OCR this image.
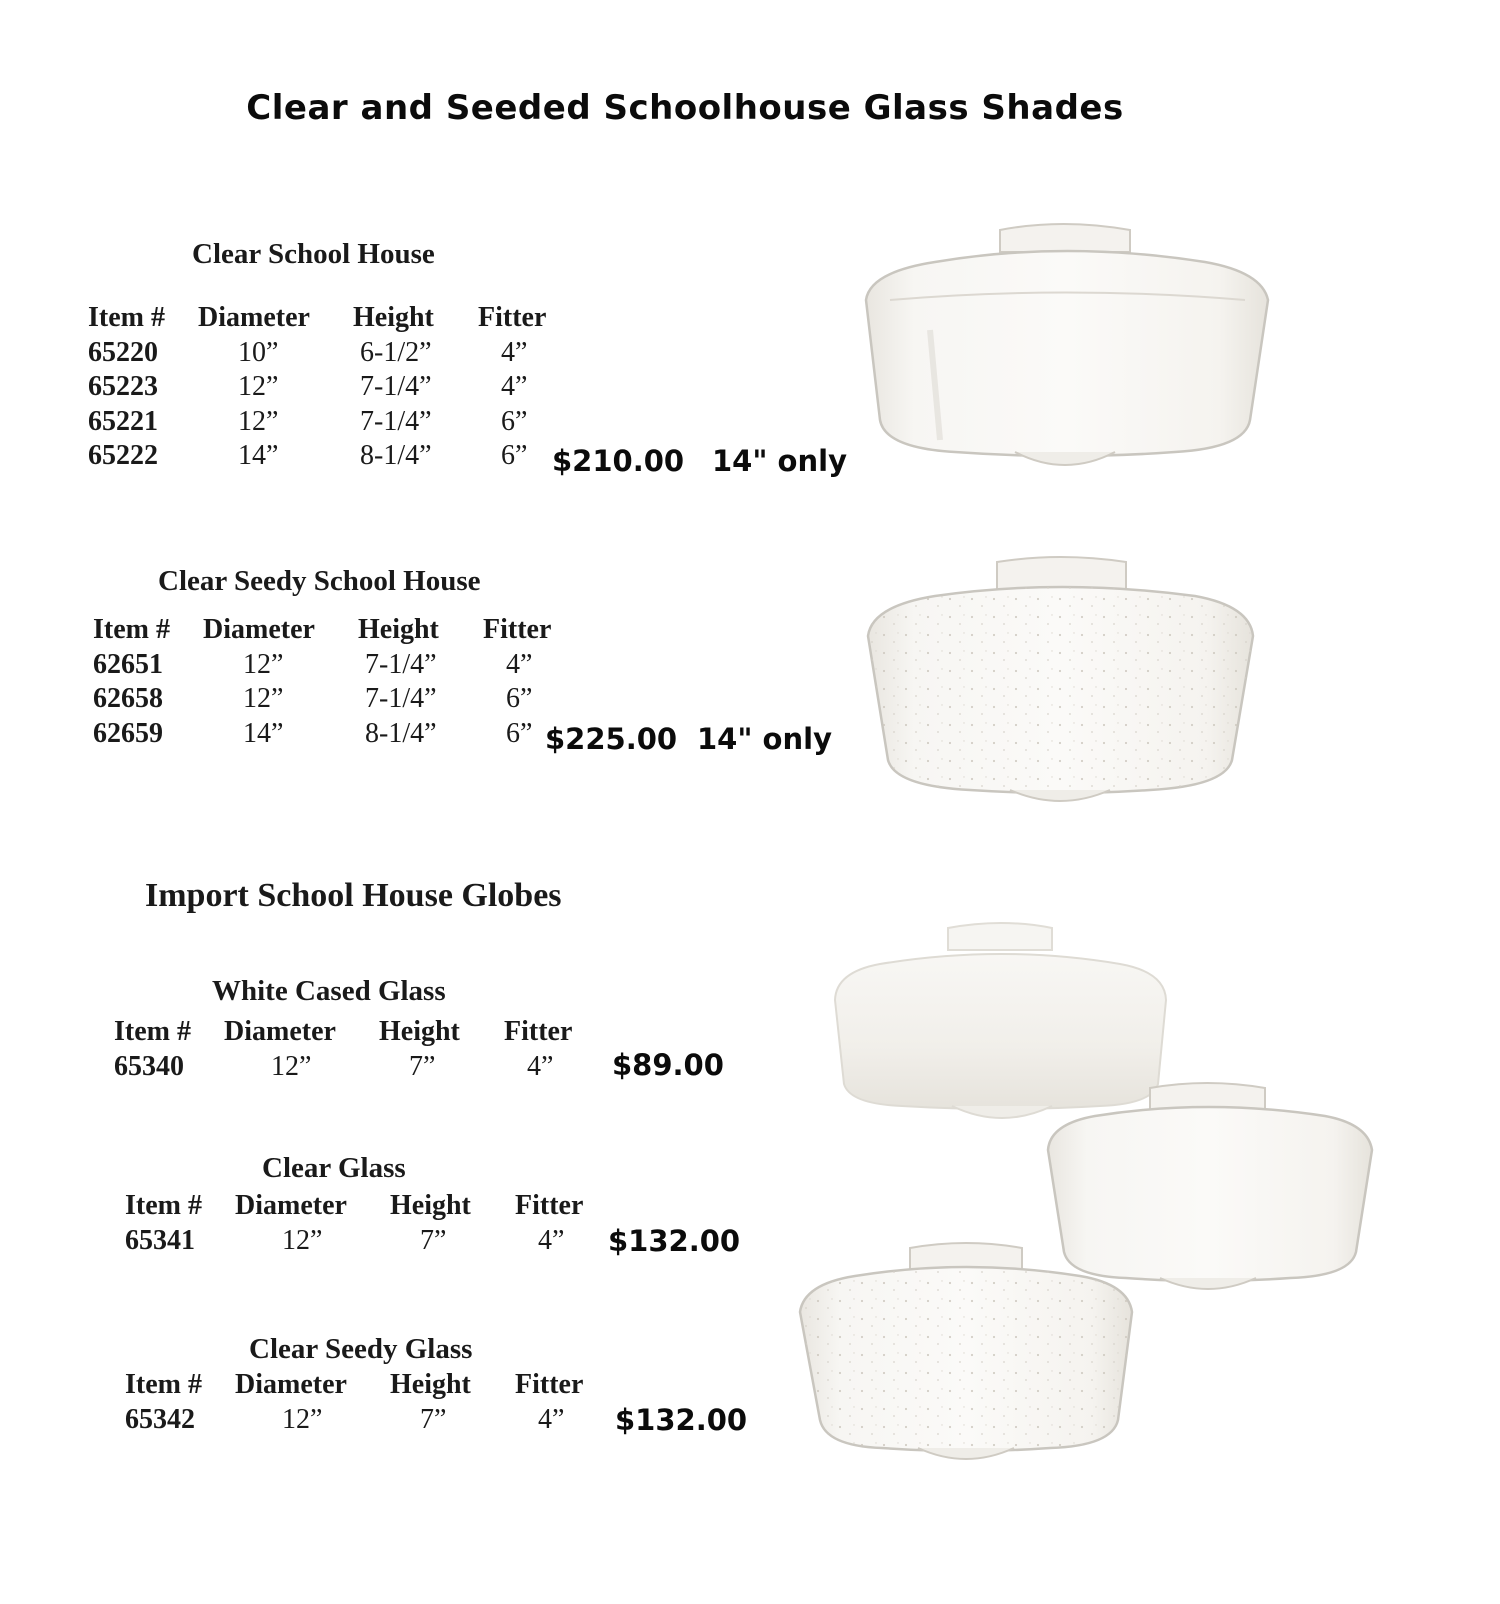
Clear and Seeded Schoolhouse Glass Shades
Clear School House
Item # Diameter Height Fitter
65220	10”	6-1/2” 4”
65223	12”	7-1/4” 4”
65221	12”	7-1/4” 6”
65222	14”	8-1/4” 6” $210.00 14" only
Clear Seedy School House
Item # Diameter Height Fitter
62651	12”	7-1/4” 4”
62658	12”	7-1/4” 6”
62659	14”	8-1/4” 6” $225.00 14" only
Import School House Globes
White Cased Glass
Item # Diameter Height Fitter
65340	12”	7”	4” $89.00
Clear Glass
Item # Diameter Height Fitter
65341	12”	7”	4” $132.00
Clear Seedy Glass
Item # Diameter Height Fitter
65342	12”	7”	4” $132.00
